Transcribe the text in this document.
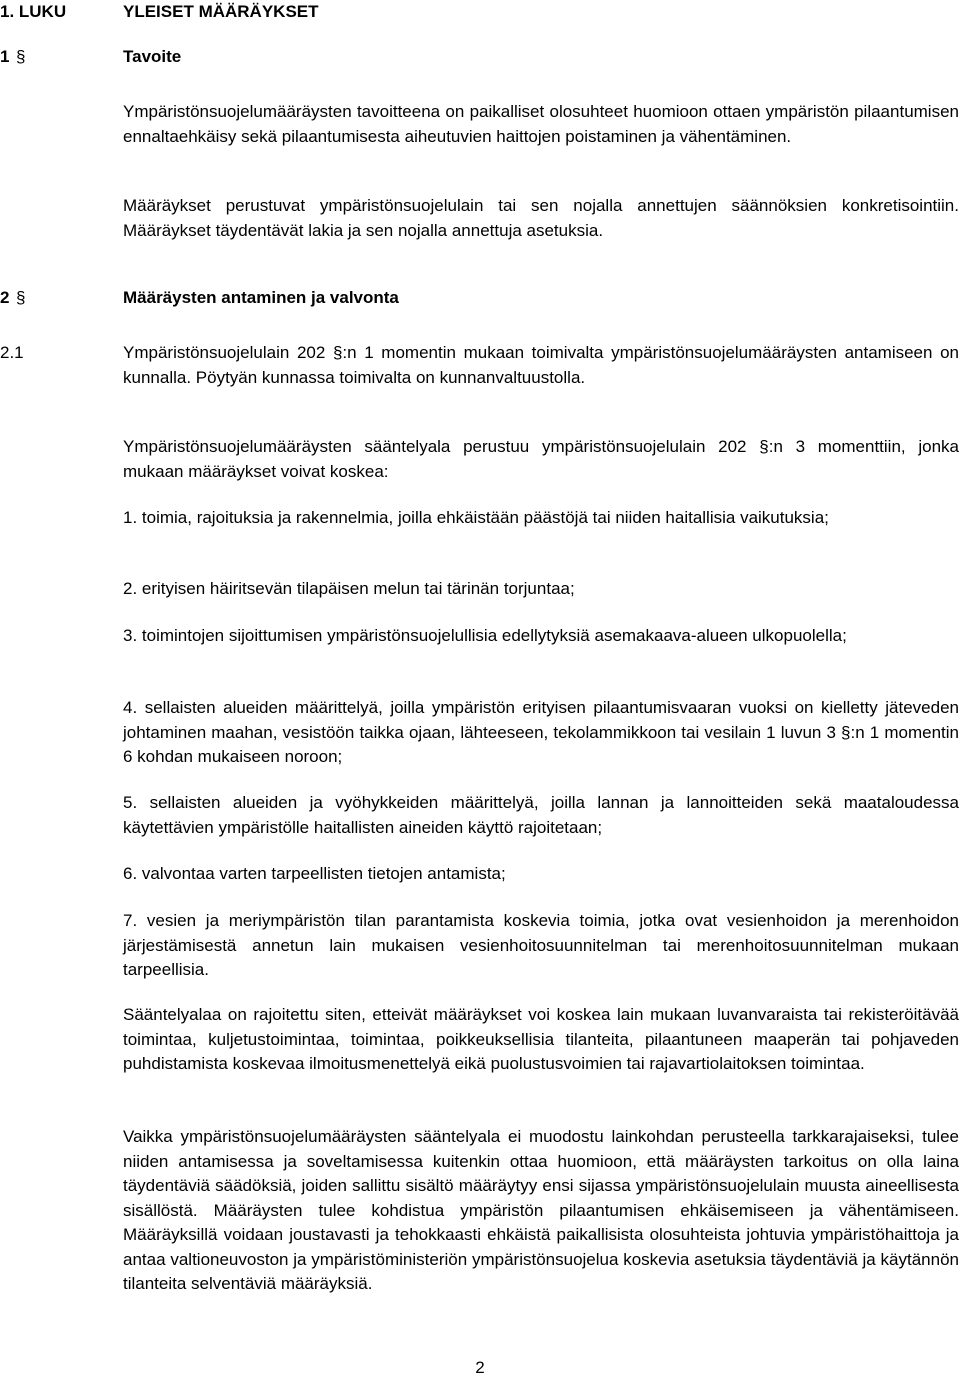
1. LUKU	YLEISET MÄÄRÄYKSET
1 §	Tavoite

Ympäristönsuojelumääräysten tavoitteena on paikalliset olosuhteet huomioon ottaen ympäristön pilaantumisen ennaltaehkäisy sekä pilaantumisesta aiheutuvien haittojen poistaminen ja vähentäminen.

Määräykset perustuvat ympäristönsuojelulain tai sen nojalla annettujen säännöksien konkretisointiin. Määräykset täydentävät lakia ja sen nojalla annettuja asetuksia.

2 §	Määräysten antaminen ja valvonta

2.1	Ympäristönsuojelulain 202 §:n 1 momentin mukaan toimivalta ympäristönsuojelumääräysten antamiseen on kunnalla. Pöytyän kunnassa toimivalta on kunnanvaltuustolla.

Ympäristönsuojelumääräysten sääntelyala perustuu ympäristönsuojelulain 202 §:n 3 momenttiin, jonka mukaan määräykset voivat koskea:

1. toimia, rajoituksia ja rakennelmia, joilla ehkäistään päästöjä tai niiden haitallisia vaikutuksia;

2. erityisen häiritsevän tilapäisen melun tai tärinän torjuntaa;

3. toimintojen sijoittumisen ympäristönsuojelullisia edellytyksiä asemakaava-alueen ulkopuolella;

4. sellaisten alueiden määrittelyä, joilla ympäristön erityisen pilaantumisvaaran vuoksi on kielletty jäteveden johtaminen maahan, vesistöön taikka ojaan, lähteeseen, tekolammikkoon tai vesilain 1 luvun 3 §:n 1 momentin 6 kohdan mukaiseen noroon;

5. sellaisten alueiden ja vyöhykkeiden määrittelyä, joilla lannan ja lannoitteiden sekä maataloudessa käytettävien ympäristölle haitallisten aineiden käyttö rajoitetaan;

6. valvontaa varten tarpeellisten tietojen antamista;

7. vesien ja meriympäristön tilan parantamista koskevia toimia, jotka ovat vesienhoidon ja merenhoidon järjestämisestä annetun lain mukaisen vesienhoitosuunnitelman tai merenhoitosuunnitelman mukaan tarpeellisia.

Sääntelyalaa on rajoitettu siten, etteivät määräykset voi koskea lain mukaan luvanvaraista tai rekisteröitävää toimintaa, kuljetustoimintaa, toimintaa, poikkeuksellisia tilanteita, pilaantuneen maaperän tai pohjaveden puhdistamista koskevaa ilmoitusmenettelyä eikä puolustusvoimien tai rajavartiolaitoksen toimintaa.

Vaikka ympäristönsuojelumääräysten sääntelyala ei muodostu lainkohdan perusteella tarkkarajaiseksi, tulee niiden antamisessa ja soveltamisessa kuitenkin ottaa huomioon, että määräysten tarkoitus on olla laina täydentäviä säädöksiä, joiden sallittu sisältö määräytyy ensi sijassa ympäristönsuojelulain muusta aineellisesta sisällöstä. Määräysten tulee kohdistua ympäristön pilaantumisen ehkäisemiseen ja vähentämiseen. Määräyksillä voidaan joustavasti ja tehokkaasti ehkäistä paikallisista olosuhteista johtuvia ympäristöhaittoja ja antaa valtioneuvoston ja ympäristöministeriön ympäristönsuojelua koskevia asetuksia täydentäviä ja käytännön tilanteita selventäviä määräyksiä.

2
